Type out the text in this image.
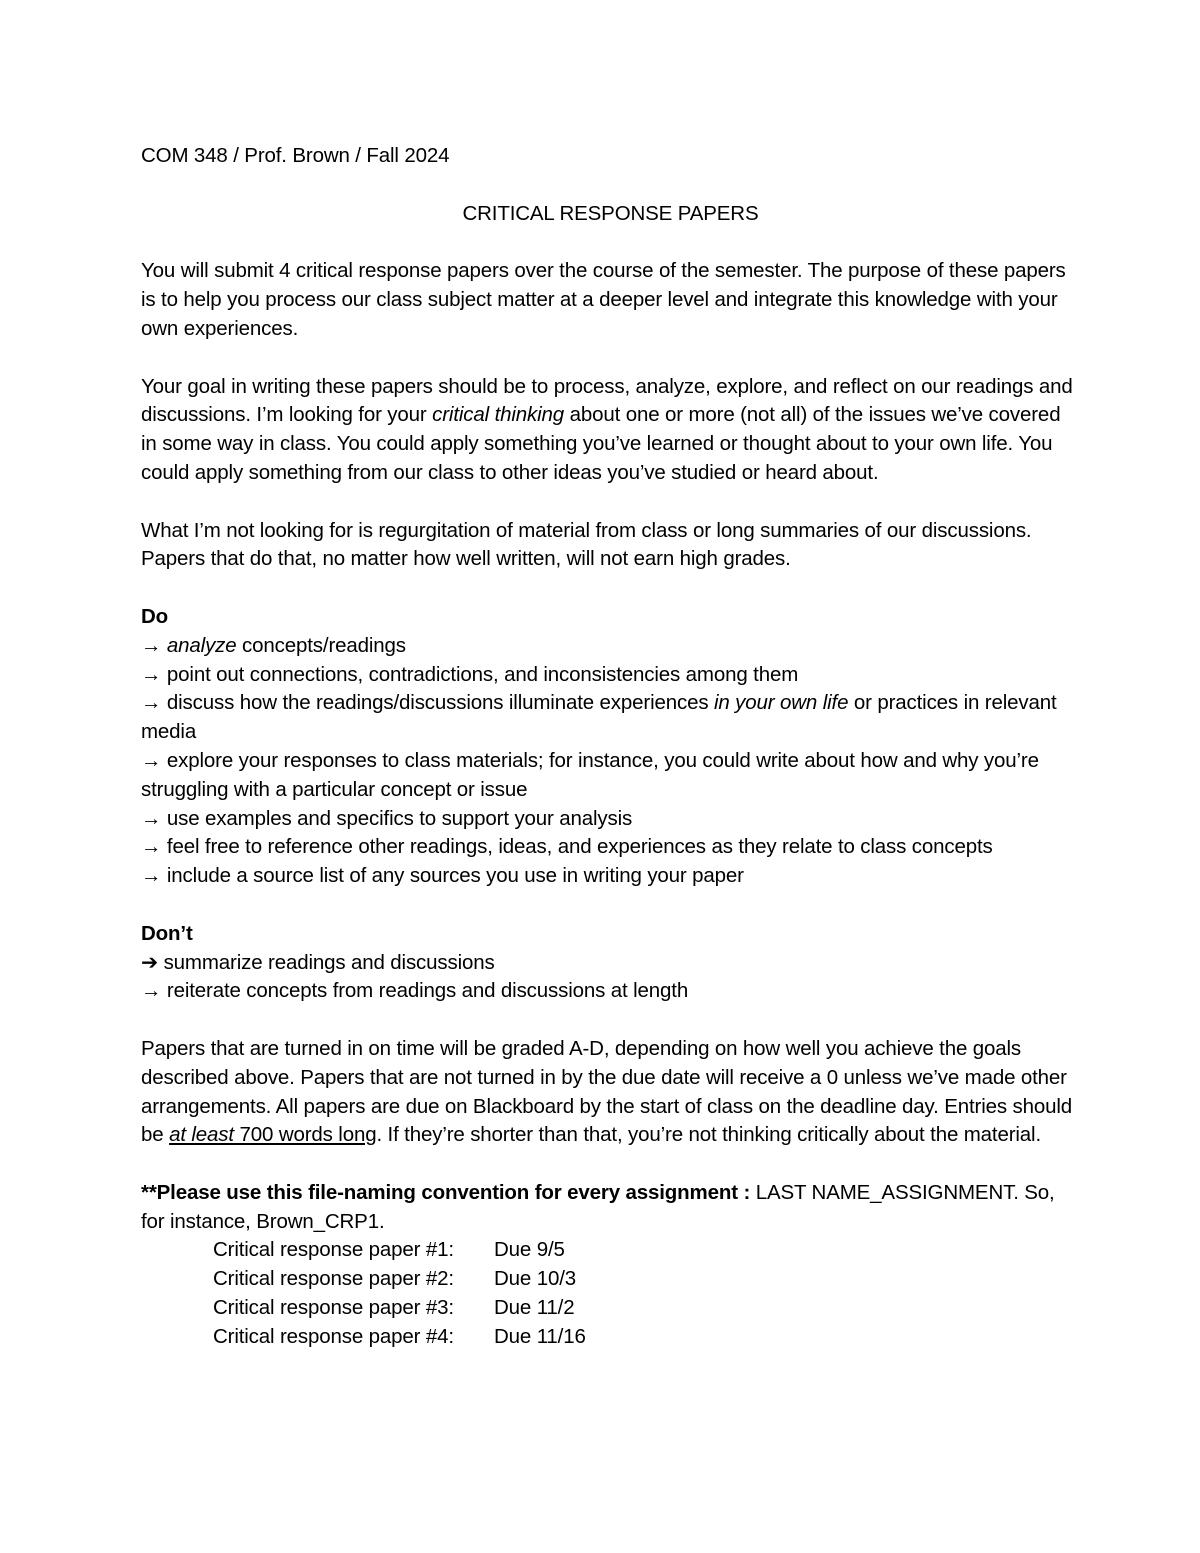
COM 348 / Prof. Brown / Fall 2024

CRITICAL RESPONSE PAPERS

You will submit 4 critical response papers over the course of the semester. The purpose of these papers is to help you process our class subject matter at a deeper level and integrate this knowledge with your own experiences.

Your goal in writing these papers should be to process, analyze, explore, and reflect on our readings and discussions. I’m looking for your critical thinking about one or more (not all) of the issues we’ve covered in some way in class. You could apply something you’ve learned or thought about to your own life. You could apply something from our class to other ideas you’ve studied or heard about.

What I’m not looking for is regurgitation of material from class or long summaries of our discussions. Papers that do that, no matter how well written, will not earn high grades.

Do

→ analyze concepts/readings

→ point out connections, contradictions, and inconsistencies among them

→ discuss how the readings/discussions illuminate experiences in your own life or practices in relevant media

→ explore your responses to class materials; for instance, you could write about how and why you’re struggling with a particular concept or issue

→ use examples and specifics to support your analysis

→ feel free to reference other readings, ideas, and experiences as they relate to class concepts

→ include a source list of any sources you use in writing your paper

Don’t

➔ summarize readings and discussions

→ reiterate concepts from readings and discussions at length

Papers that are turned in on time will be graded A-D, depending on how well you achieve the goals described above. Papers that are not turned in by the due date will receive a 0 unless we’ve made other arrangements. All papers are due on Blackboard by the start of class on the deadline day. Entries should be at least 700 words long. If they’re shorter than that, you’re not thinking critically about the material.

**Please use this file-naming convention for every assignment : LAST NAME_ASSIGNMENT. So, for instance, Brown_CRP1.

Critical response paper #1:	Due 9/5
Critical response paper #2:	Due 10/3
Critical response paper #3:	Due 11/2
Critical response paper #4:	Due 11/16
